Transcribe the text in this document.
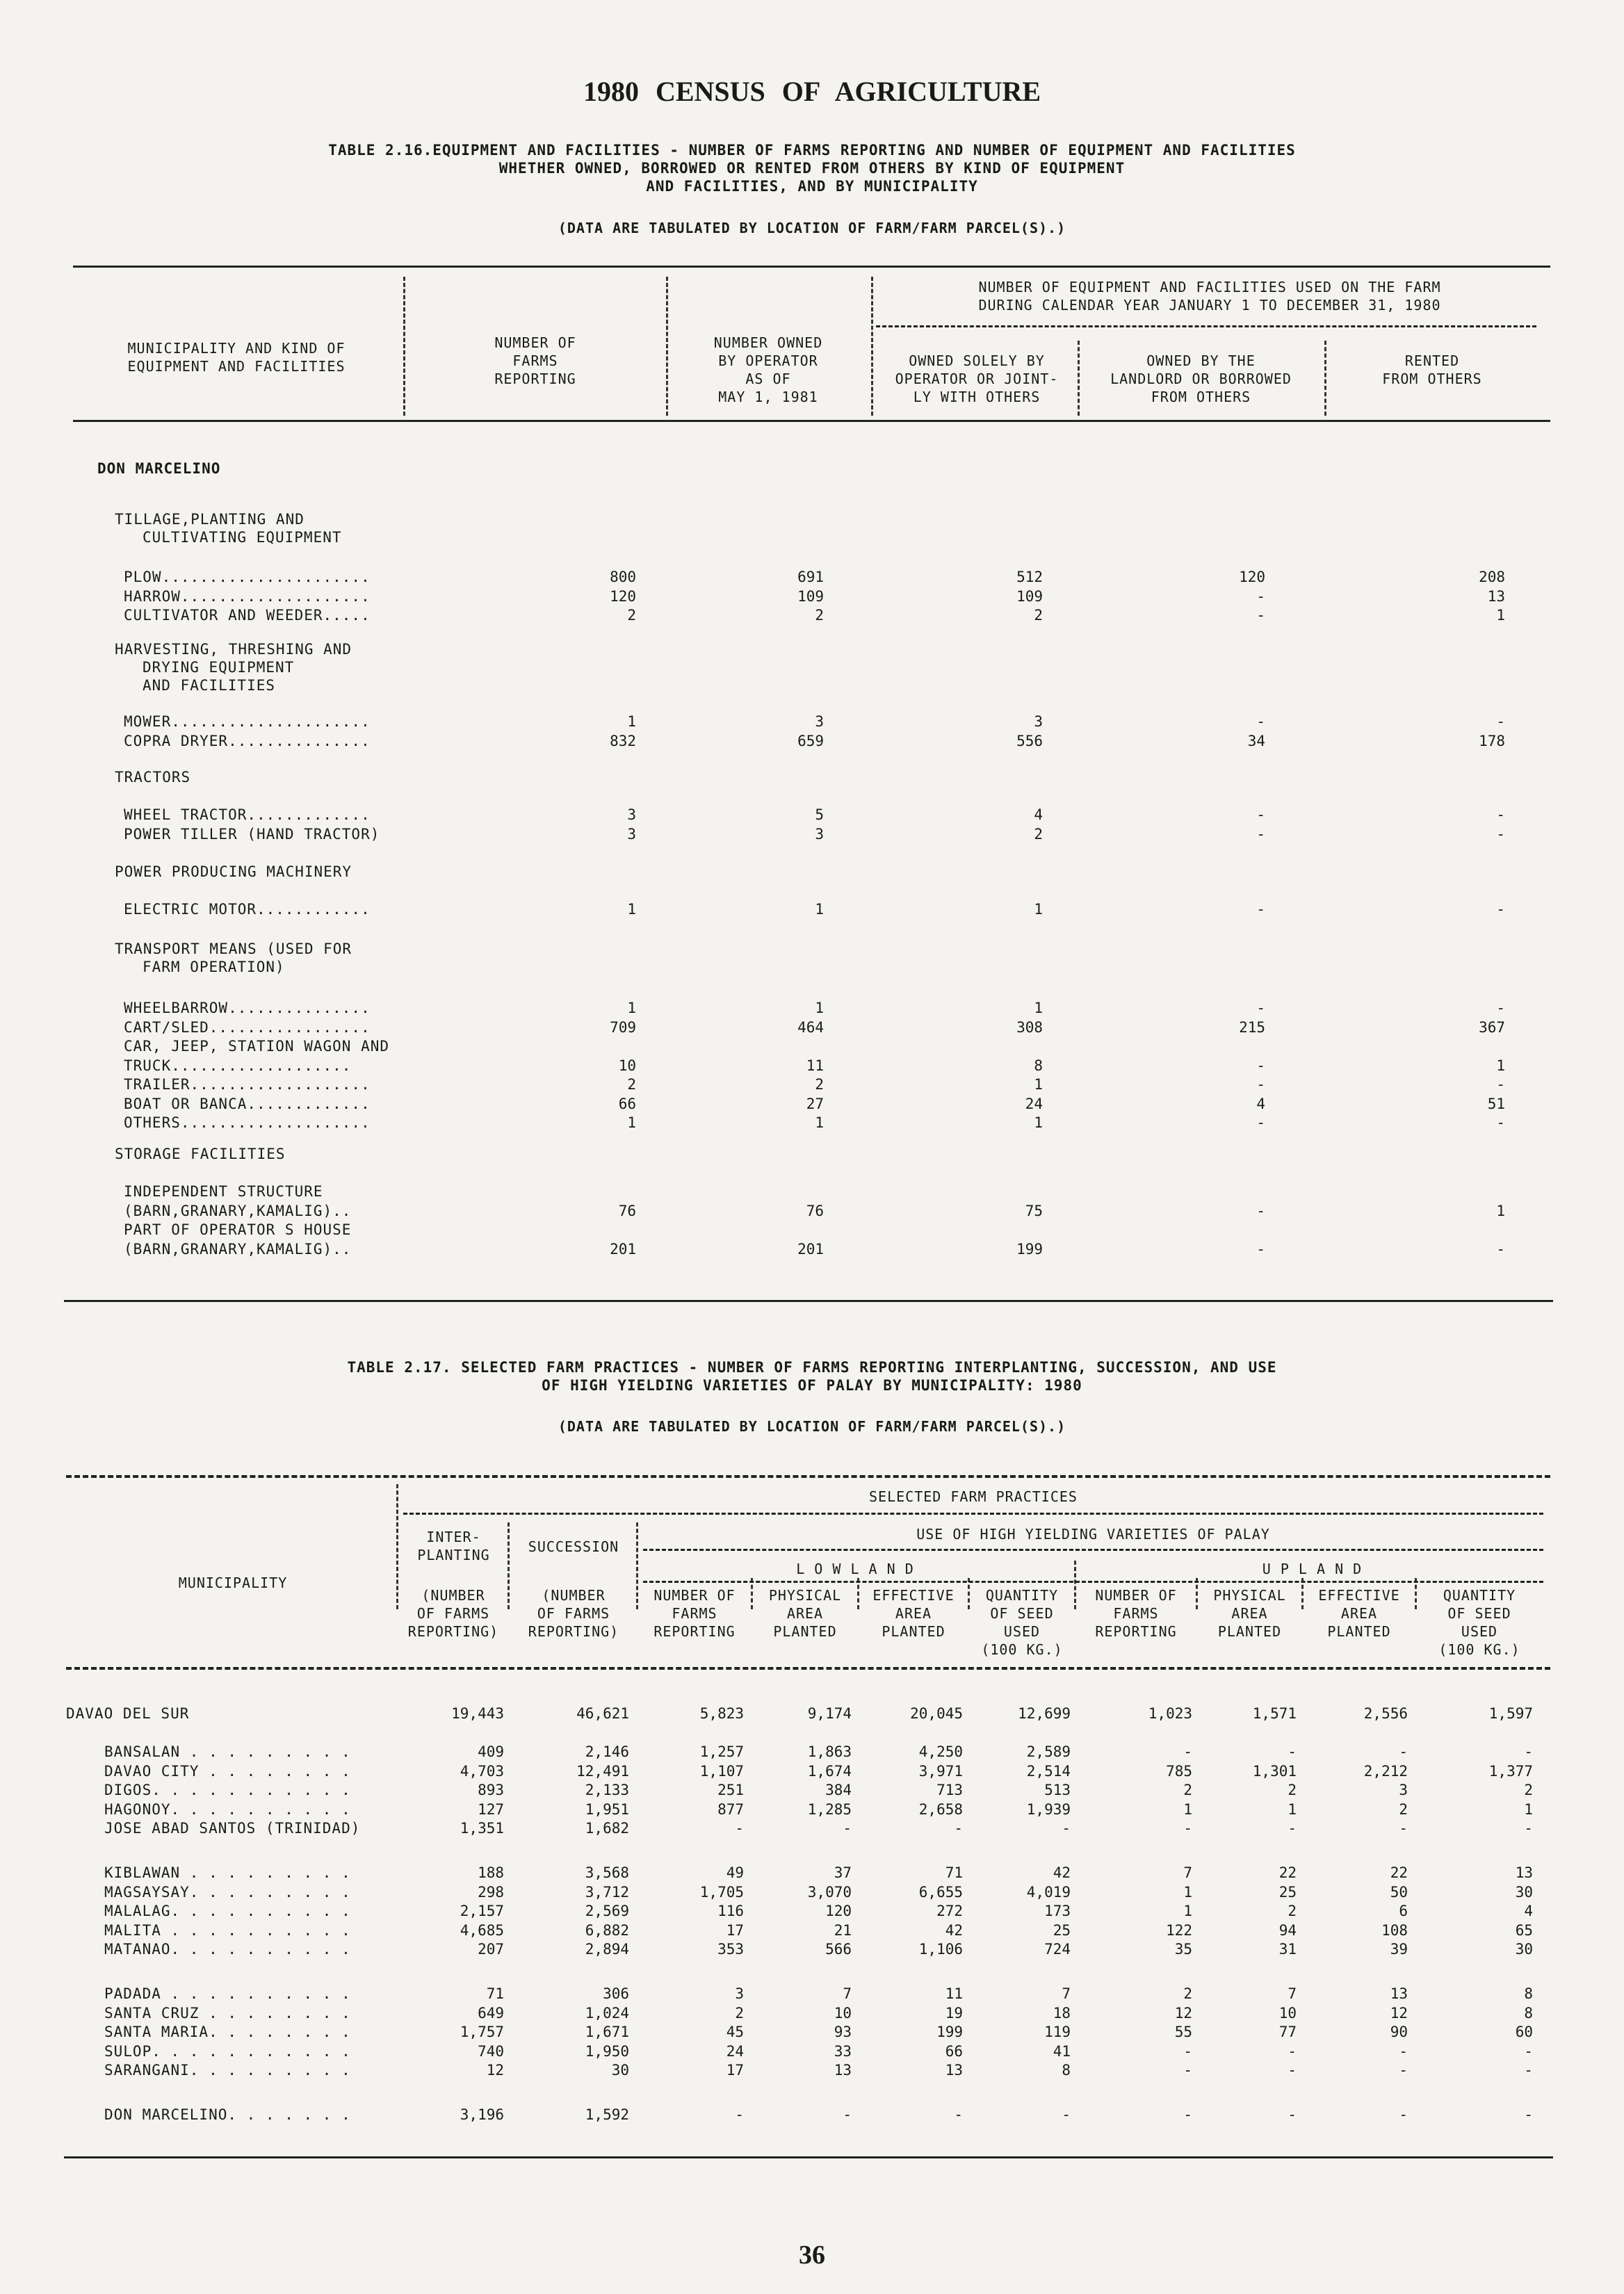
1980 CENSUS OF AGRICULTURE
TABLE 2.16.EQUIPMENT AND FACILITIES - NUMBER OF FARMS REPORTING AND NUMBER OF EQUIPMENT AND FACILITIES
WHETHER OWNED, BORROWED OR RENTED FROM OTHERS BY KIND OF EQUIPMENT
AND FACILITIES, AND BY MUNICIPALITY
(DATA ARE TABULATED BY LOCATION OF FARM/FARM PARCEL(S).)
MUNICIPALITY AND KIND OF
EQUIPMENT AND FACILITIES
NUMBER OF
FARMS
REPORTING
NUMBER OWNED
BY OPERATOR
AS OF
MAY 1, 1981
NUMBER OF EQUIPMENT AND FACILITIES USED ON THE FARM
DURING CALENDAR YEAR JANUARY 1 TO DECEMBER 31, 1980
OWNED SOLELY BY
OPERATOR OR JOINT-
LY WITH OTHERS
OWNED BY THE
LANDLORD OR BORROWED
FROM OTHERS
RENTED
FROM OTHERS
DON MARCELINO
TILLAGE,PLANTING AND
CULTIVATING EQUIPMENT
PLOW......................	800	691	512	120	208
HARROW....................	120	109	109	-	13
CULTIVATOR AND WEEDER.....	2	2	2	-	1
HARVESTING, THRESHING AND
DRYING EQUIPMENT
AND FACILITIES
MOWER.....................	1	3	3	-	-
COPRA DRYER...............	832	659	556	34	178
TRACTORS
WHEEL TRACTOR.............	3	5	4	-	-
POWER TILLER (HAND TRACTOR)	3	3	2	-	-
POWER PRODUCING MACHINERY
ELECTRIC MOTOR............	1	1	1	-	-
TRANSPORT MEANS (USED FOR
FARM OPERATION)
WHEELBARROW...............	1	1	1	-	-
CART/SLED.................	709	464	308	215	367
CAR, JEEP, STATION WAGON AND
TRUCK...................	10	11	8	-	1
TRAILER...................	2	2	1	-	-
BOAT OR BANCA.............	66	27	24	4	51
OTHERS....................	1	1	1	-	-
STORAGE FACILITIES
INDEPENDENT STRUCTURE
(BARN,GRANARY,KAMALIG)..	76	76	75	-	1
PART OF OPERATOR S HOUSE
(BARN,GRANARY,KAMALIG)..	201	201	199	-	-
TABLE 2.17. SELECTED FARM PRACTICES - NUMBER OF FARMS REPORTING INTERPLANTING, SUCCESSION, AND USE
OF HIGH YIELDING VARIETIES OF PALAY BY MUNICIPALITY: 1980
(DATA ARE TABULATED BY LOCATION OF FARM/FARM PARCEL(S).)
SELECTED FARM PRACTICES
USE OF HIGH YIELDING VARIETIES OF PALAY
L O W L A N D	U P L A N D
MUNICIPALITY
INTER-
PLANTING	SUCCESSION
(NUMBER
OF FARMS
REPORTING)
(NUMBER
OF FARMS
REPORTING)
NUMBER OF
FARMS
REPORTING
PHYSICAL
AREA
PLANTED
EFFECTIVE
AREA
PLANTED
QUANTITY
OF SEED
USED
(100 KG.)
NUMBER OF
FARMS
REPORTING
PHYSICAL
AREA
PLANTED
EFFECTIVE
AREA
PLANTED
QUANTITY
OF SEED
USED
(100 KG.)
DAVAO DEL SUR	19,443	46,621	5,823	9,174	20,045	12,699	1,023	1,571	2,556	1,597
BANSALAN . . . . . . . . .	409	2,146	1,257	1,863	4,250	2,589	-	-	-	-
DAVAO CITY . . . . . . . .	4,703	12,491	1,107	1,674	3,971	2,514	785	1,301	2,212	1,377
DIGOS. . . . . . . . . . .	893	2,133	251	384	713	513	2	2	3	2
HAGONOY. . . . . . . . . .	127	1,951	877	1,285	2,658	1,939	1	1	2	1
JOSE ABAD SANTOS (TRINIDAD)	1,351	1,682	-	-	-	-	-	-	-	-
KIBLAWAN . . . . . . . . .	188	3,568	49	37	71	42	7	22	22	13
MAGSAYSAY. . . . . . . . .	298	3,712	1,705	3,070	6,655	4,019	1	25	50	30
MALALAG. . . . . . . . . .	2,157	2,569	116	120	272	173	1	2	6	4
MALITA . . . . . . . . . .	4,685	6,882	17	21	42	25	122	94	108	65
MATANAO. . . . . . . . . .	207	2,894	353	566	1,106	724	35	31	39	30
PADADA . . . . . . . . . .	71	306	3	7	11	7	2	7	13	8
SANTA CRUZ . . . . . . . .	649	1,024	2	10	19	18	12	10	12	8
SANTA MARIA. . . . . . . .	1,757	1,671	45	93	199	119	55	77	90	60
SULOP. . . . . . . . . . .	740	1,950	24	33	66	41	-	-	-	-
SARANGANI. . . . . . . . .	12	30	17	13	13	8	-	-	-	-
DON MARCELINO. . . . . . .	3,196	1,592	-	-	-	-	-	-	-	-
36
